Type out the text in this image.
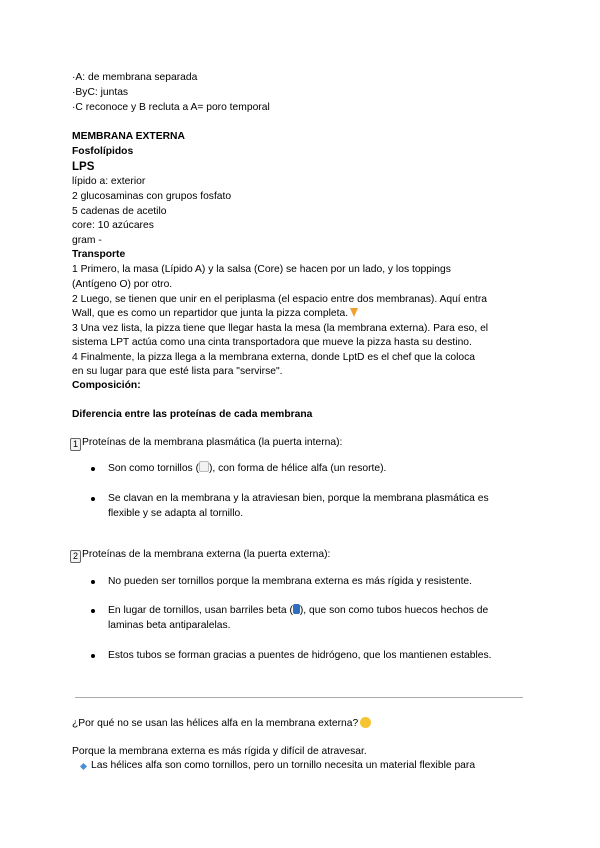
·A: de membrana separada
·ByC: juntas
·C reconoce y B recluta a A= poro temporal
MEMBRANA EXTERNA
Fosfolípidos
LPS
lípido a: exterior
2 glucosaminas con grupos fosfato
5 cadenas de acetilo
core: 10 azúcares
gram -
Transporte
1 Primero, la masa (Lípido A) y la salsa (Core) se hacen por un lado, y los toppings
(Antígeno O) por otro.
2 Luego, se tienen que unir en el periplasma (el espacio entre dos membranas). Aquí entra
Wall, que es como un repartidor que junta la pizza completa.
3 Una vez lista, la pizza tiene que llegar hasta la mesa (la membrana externa). Para eso, el
sistema LPT actúa como una cinta transportadora que mueve la pizza hasta su destino.
4 Finalmente, la pizza llega a la membrana externa, donde LptD es el chef que la coloca
en su lugar para que esté lista para "servirse".
Composición:
Diferencia entre las proteínas de cada membrana
1 Proteínas de la membrana plasmática (la puerta interna):
Son como tornillos ( ), con forma de hélice alfa (un resorte).
Se clavan en la membrana y la atraviesan bien, porque la membrana plasmática es
flexible y se adapta al tornillo.
2 Proteínas de la membrana externa (la puerta externa):
No pueden ser tornillos porque la membrana externa es más rígida y resistente.
En lugar de tornillos, usan barriles beta ( ), que son como tubos huecos hechos de
laminas beta antiparalelas.
Estos tubos se forman gracias a puentes de hidrógeno, que los mantienen estables.
¿Por qué no se usan las hélices alfa en la membrana externa?
Porque la membrana externa es más rígida y difícil de atravesar.
Las hélices alfa son como tornillos, pero un tornillo necesita un material flexible para
